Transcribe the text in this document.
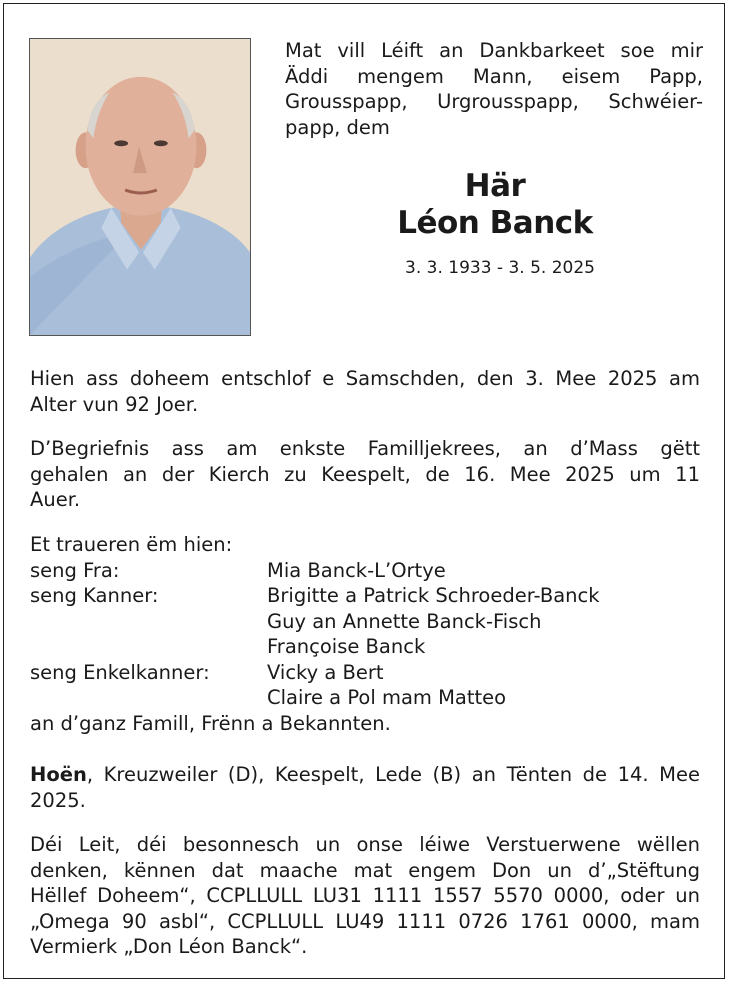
Mat vill Léift an Dankbarkeet soe mir
Äddi mengem Mann, eisem Papp,
Grousspapp, Urgrousspapp, Schwéier-
papp, dem
Här
Léon Banck
3. 3. 1933 - 3. 5. 2025
Hien ass doheem entschlof e Samschden, den 3. Mee 2025 am
Alter vun 92 Joer.
D’Begriefnis ass am enkste Familljekrees, an d’Mass gëtt
gehalen an der Kierch zu Keespelt, de 16. Mee 2025 um 11
Auer.
Et traueren ëm hien:
seng Fra:	Mia Banck-L’Ortye
seng Kanner:	Brigitte a Patrick Schroeder-Banck
Guy an Annette Banck-Fisch
Françoise Banck
seng Enkelkanner:	Vicky a Bert
Claire a Pol mam Matteo
an d’ganz Famill, Frënn a Bekannten.
Hoën, Kreuzweiler (D), Keespelt, Lede (B) an Tënten de 14. Mee
2025.
Déi Leit, déi besonnesch un onse léiwe Verstuerwene wëllen
denken, kënnen dat maache mat engem Don un d’„Stëftung
Hëllef Doheem“, CCPLLULL LU31 1111 1557 5570 0000, oder un
„Omega 90 asbl“, CCPLLULL LU49 1111 0726 1761 0000, mam
Vermierk „Don Léon Banck“.
